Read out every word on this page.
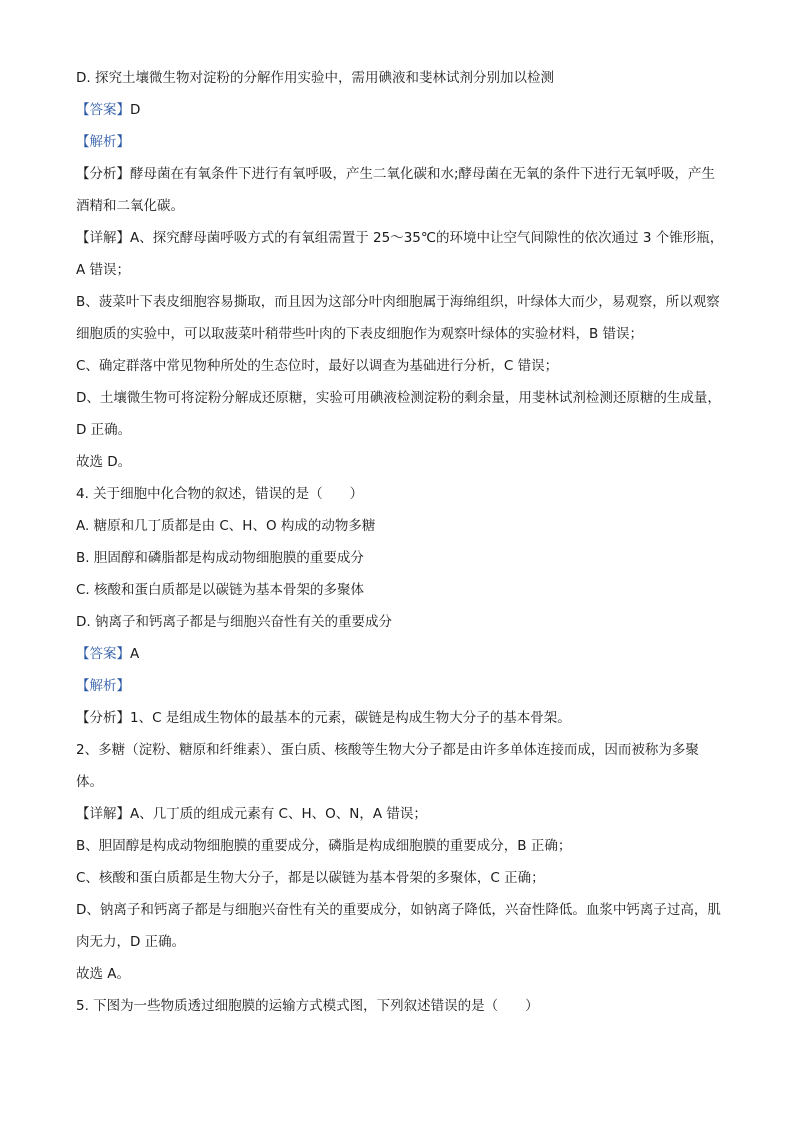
D. 探究土壤微生物对淀粉的分解作用实验中，需用碘液和斐林试剂分别加以检测
【答案】D
【解析】
【分析】酵母菌在有氧条件下进行有氧呼吸，产生二氧化碳和水;酵母菌在无氧的条件下进行无氧呼吸，产生酒精和二氧化碳。
【详解】A、探究酵母菌呼吸方式的有氧组需置于 25～35℃的环境中让空气间隙性的依次通过 3 个锥形瓶，A 错误；
B、菠菜叶下表皮细胞容易撕取，而且因为这部分叶肉细胞属于海绵组织，叶绿体大而少，易观察，所以观察细胞质的实验中，可以取菠菜叶稍带些叶肉的下表皮细胞作为观察叶绿体的实验材料，B 错误；
C、确定群落中常见物种所处的生态位时，最好以调查为基础进行分析，C 错误；
D、土壤微生物可将淀粉分解成还原糖，实验可用碘液检测淀粉的剩余量，用斐林试剂检测还原糖的生成量，D 正确。
故选 D。
4. 关于细胞中化合物的叙述，错误的是（　　）
A. 糖原和几丁质都是由 C、H、O 构成的动物多糖
B. 胆固醇和磷脂都是构成动物细胞膜的重要成分
C. 核酸和蛋白质都是以碳链为基本骨架的多聚体
D. 钠离子和钙离子都是与细胞兴奋性有关的重要成分
【答案】A
【解析】
【分析】1、C 是组成生物体的最基本的元素，碳链是构成生物大分子的基本骨架。
2、多糖（淀粉、糖原和纤维素）、蛋白质、核酸等生物大分子都是由许多单体连接而成，因而被称为多聚体。
【详解】A、几丁质的组成元素有 C、H、O、N，A 错误；
B、胆固醇是构成动物细胞膜的重要成分，磷脂是构成细胞膜的重要成分，B 正确；
C、核酸和蛋白质都是生物大分子，都是以碳链为基本骨架的多聚体，C 正确；
D、钠离子和钙离子都是与细胞兴奋性有关的重要成分，如钠离子降低，兴奋性降低。血浆中钙离子过高，肌肉无力，D 正确。
故选 A。
5. 下图为一些物质透过细胞膜的运输方式模式图，下列叙述错误的是（　　）
